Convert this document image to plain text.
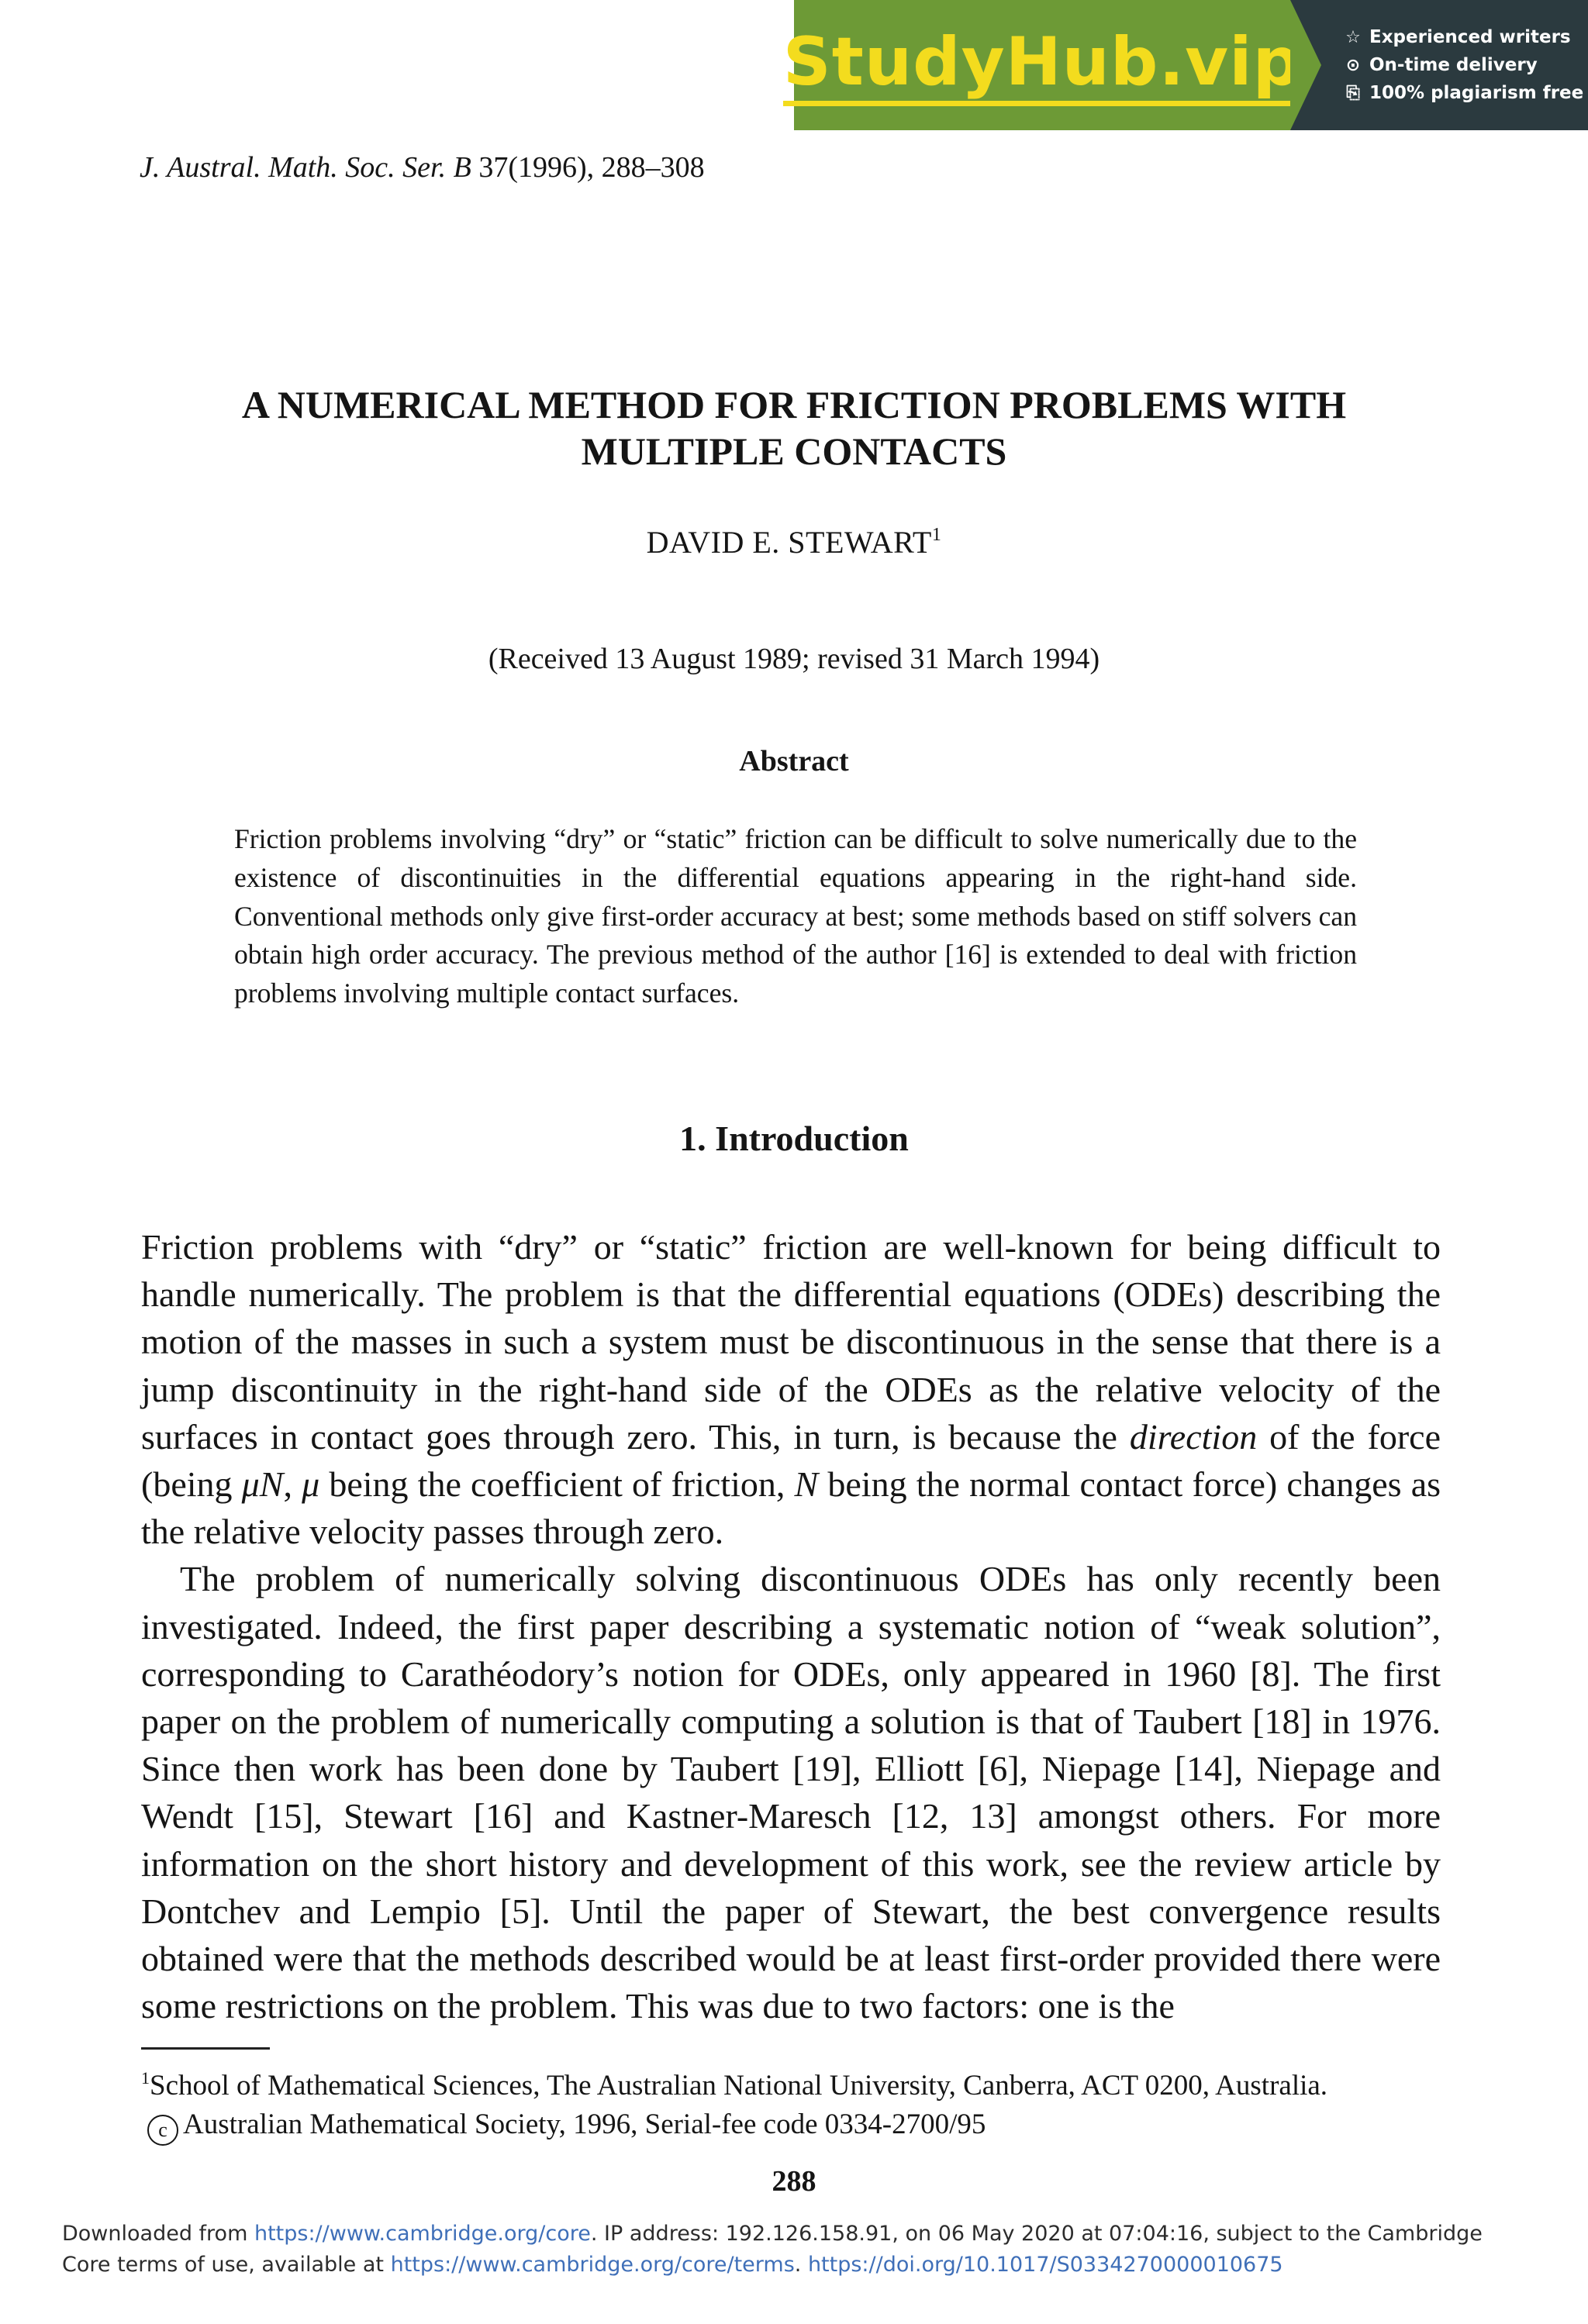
StudyHub.vip	☆ Experienced writers
⊙ On-time delivery
⎘ 100% plagiarism free
J. Austral. Math. Soc. Ser. B 37(1996), 288–308
A NUMERICAL METHOD FOR FRICTION PROBLEMS WITH
MULTIPLE CONTACTS
DAVID E. STEWART$^1$
(Received 13 August 1989; revised 31 March 1994)
Abstract
Friction problems involving “dry” or “static” friction can be difficult to solve numerically due to the existence of discontinuities in the differential equations appearing in the right-hand side. Conventional methods only give first-order accuracy at best; some methods based on stiff solvers can obtain high order accuracy. The previous method of the author [16] is extended to deal with friction problems involving multiple contact surfaces.
1. Introduction

Friction problems with “dry” or “static” friction are well-known for being difficult to handle numerically. The problem is that the differential equations (ODEs) describing the motion of the masses in such a system must be discontinuous in the sense that there is a jump discontinuity in the right-hand side of the ODEs as the relative velocity of the surfaces in contact goes through zero. This, in turn, is because the direction of the force (being μN, μ being the coefficient of friction, N being the normal contact force) changes as the relative velocity passes through zero.

The problem of numerically solving discontinuous ODEs has only recently been investigated. Indeed, the first paper describing a systematic notion of “weak solution”, corresponding to Carathéodory’s notion for ODEs, only appeared in 1960 [8]. The first paper on the problem of numerically computing a solution is that of Taubert [18] in 1976. Since then work has been done by Taubert [19], Elliott [6], Niepage [14], Niepage and Wendt [15], Stewart [16] and Kastner-Maresch [12, 13] amongst others. For more information on the short history and development of this work, see the review article by Dontchev and Lempio [5]. Until the paper of Stewart, the best convergence results obtained were that the methods described would be at least first-order provided there were some restrictions on the problem. This was due to two factors: one is the

$^1$School of Mathematical Sciences, The Australian National University, Canberra, ACT 0200, Australia.
c Australian Mathematical Society, 1996, Serial-fee code 0334-2700/95
288
Downloaded from https://www.cambridge.org/core. IP address: 192.126.158.91, on 06 May 2020 at 07:04:16, subject to the Cambridge Core terms of use, available at https://www.cambridge.org/core/terms. https://doi.org/10.1017/S0334270000010675
